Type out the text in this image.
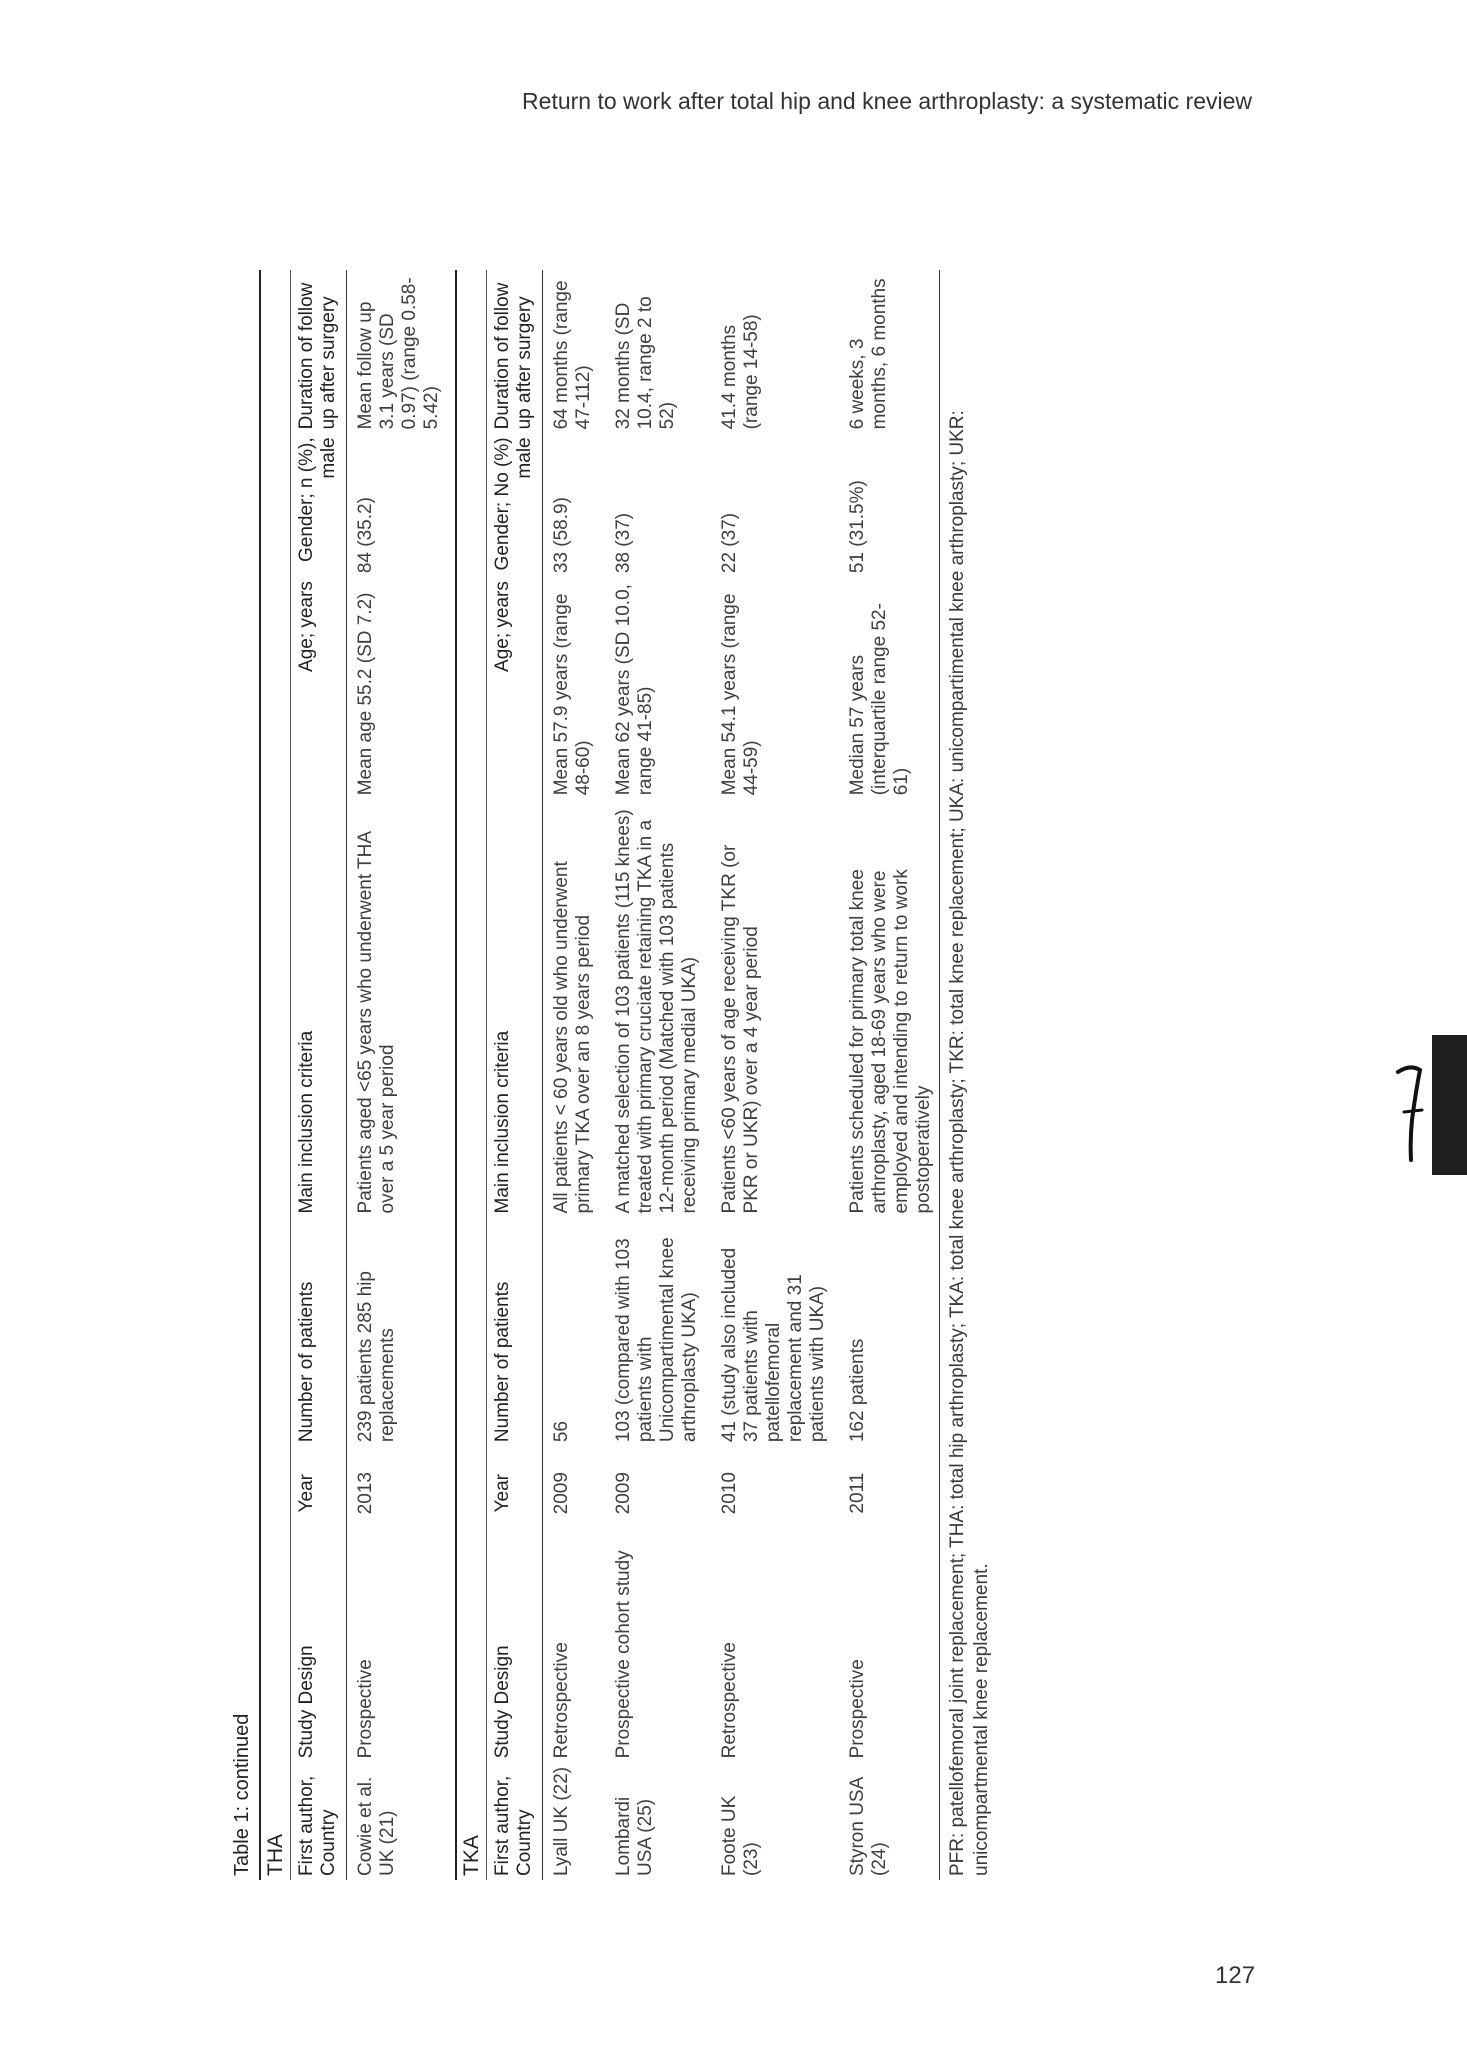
Return to work after total hip and knee arthroplasty: a systematic review
Table 1: continued THA							
First author, Country	Study Design	Year	Number of patients	Main inclusion criteria	Age; years	Gender; n (%), male	Duration of follow up after surgery
Cowie et al. UK (21)	Prospective	2013	239 patients 285 hip replacements	Patients aged <65 years who underwent THA over a 5 year period	Mean age 55.2 (SD 7.2)	84 (35.2)	Mean follow up 3.1 years (SD 0.97) (range 0.58- 5.42)
TKA							
First author, Country	Study Design	Year	Number of patients	Main inclusion criteria	Age; years	Gender; No (%) male	Duration of follow up after surgery
Lyall UK (22)	Retrospective	2009	56	All patients < 60 years old who underwent primary TKA over an 8 years period	Mean 57.9 years (range 48-60)	33 (58.9)	64 months (range 47-112)
Lombardi USA (25)	Prospective cohort study	2009	103 (compared with 103 patients with Unicompartimental knee arthroplasty UKA)	A matched selection of 103 patients (115 knees) treated with primary cruciate retaining TKA in a 12-month period (Matched with 103 patients receiving primary medial UKA)	Mean 62 years (SD 10.0, range 41-85)	38 (37)	32 months (SD 10.4, range 2 to 52)
Foote UK (23)	Retrospective	2010	41 (study also included 37 patients with patellofemoral replacement and 31 patients with UKA)	Patients <60 years of age receiving TKR (or PKR or UKR) over a 4 year period	Mean 54.1 years (range 44-59)	22 (37)	41.4 months (range 14-58)
Styron USA (24)	Prospective	2011	162 patients	Patients scheduled for primary total knee arthroplasty, aged 18-69 years who were employed and intending to return to work postoperatively	Median 57 years (interquartile range 52-61)	51 (31.5%)	6 weeks, 3 months, 6 months
PFR: patellofemoral joint replacement; THA: total hip arthroplasty; TKA: total knee arthroplasty; TKR: total knee replacement; UKA: unicompartimental knee arthroplasty; UKR: unicompartmental knee replacement.
127
